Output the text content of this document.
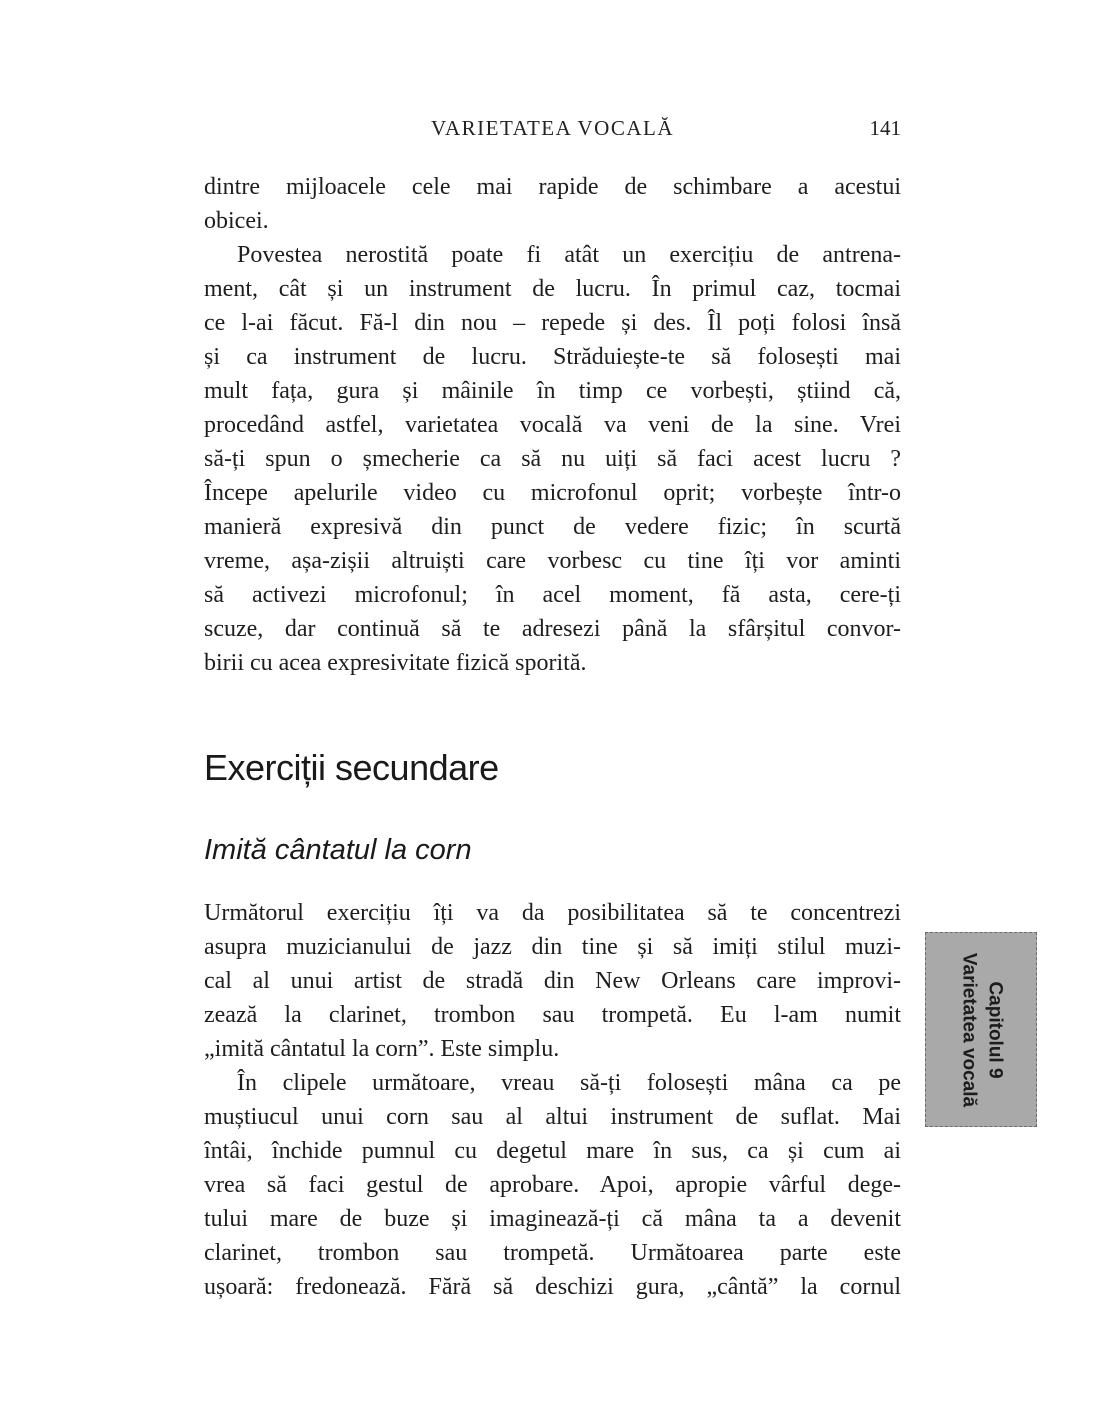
VARIETATEA VOCALĂ	141
dintre mijloacele cele mai rapide de schimbare a acestui
obicei.
Povestea nerostită poate fi atât un exercițiu de antrena-
ment, cât și un instrument de lucru. În primul caz, tocmai
ce l-ai făcut. Fă-l din nou – repede și des. Îl poți folosi însă
și ca instrument de lucru. Străduiește-te să folosești mai
mult fața, gura și mâinile în timp ce vorbești, știind că,
procedând astfel, varietatea vocală va veni de la sine. Vrei
să-ți spun o șmecherie ca să nu uiți să faci acest lucru ?
Începe apelurile video cu microfonul oprit; vorbește într-o
manieră expresivă din punct de vedere fizic; în scurtă
vreme, așa-zișii altruiști care vorbesc cu tine îți vor aminti
să activezi microfonul; în acel moment, fă asta, cere-ți
scuze, dar continuă să te adresezi până la sfârșitul convor-
birii cu acea expresivitate fizică sporită.
Exerciții secundare
Imită cântatul la corn
Următorul exercițiu îți va da posibilitatea să te concentrezi
asupra muzicianului de jazz din tine și să imiți stilul muzi-
cal al unui artist de stradă din New Orleans care improvi-
zează la clarinet, trombon sau trompetă. Eu l-am numit
„imită cântatul la corn”. Este simplu.
În clipele următoare, vreau să-ți folosești mâna ca pe
muștiucul unui corn sau al altui instrument de suflat. Mai
întâi, închide pumnul cu degetul mare în sus, ca și cum ai
vrea să faci gestul de aprobare. Apoi, apropie vârful dege-
tului mare de buze și imaginează-ți că mâna ta a devenit
clarinet, trombon sau trompetă. Următoarea parte este
ușoară: fredonează. Fără să deschizi gura, „cântă” la cornul
Capitolul 9
Varietatea vocală
